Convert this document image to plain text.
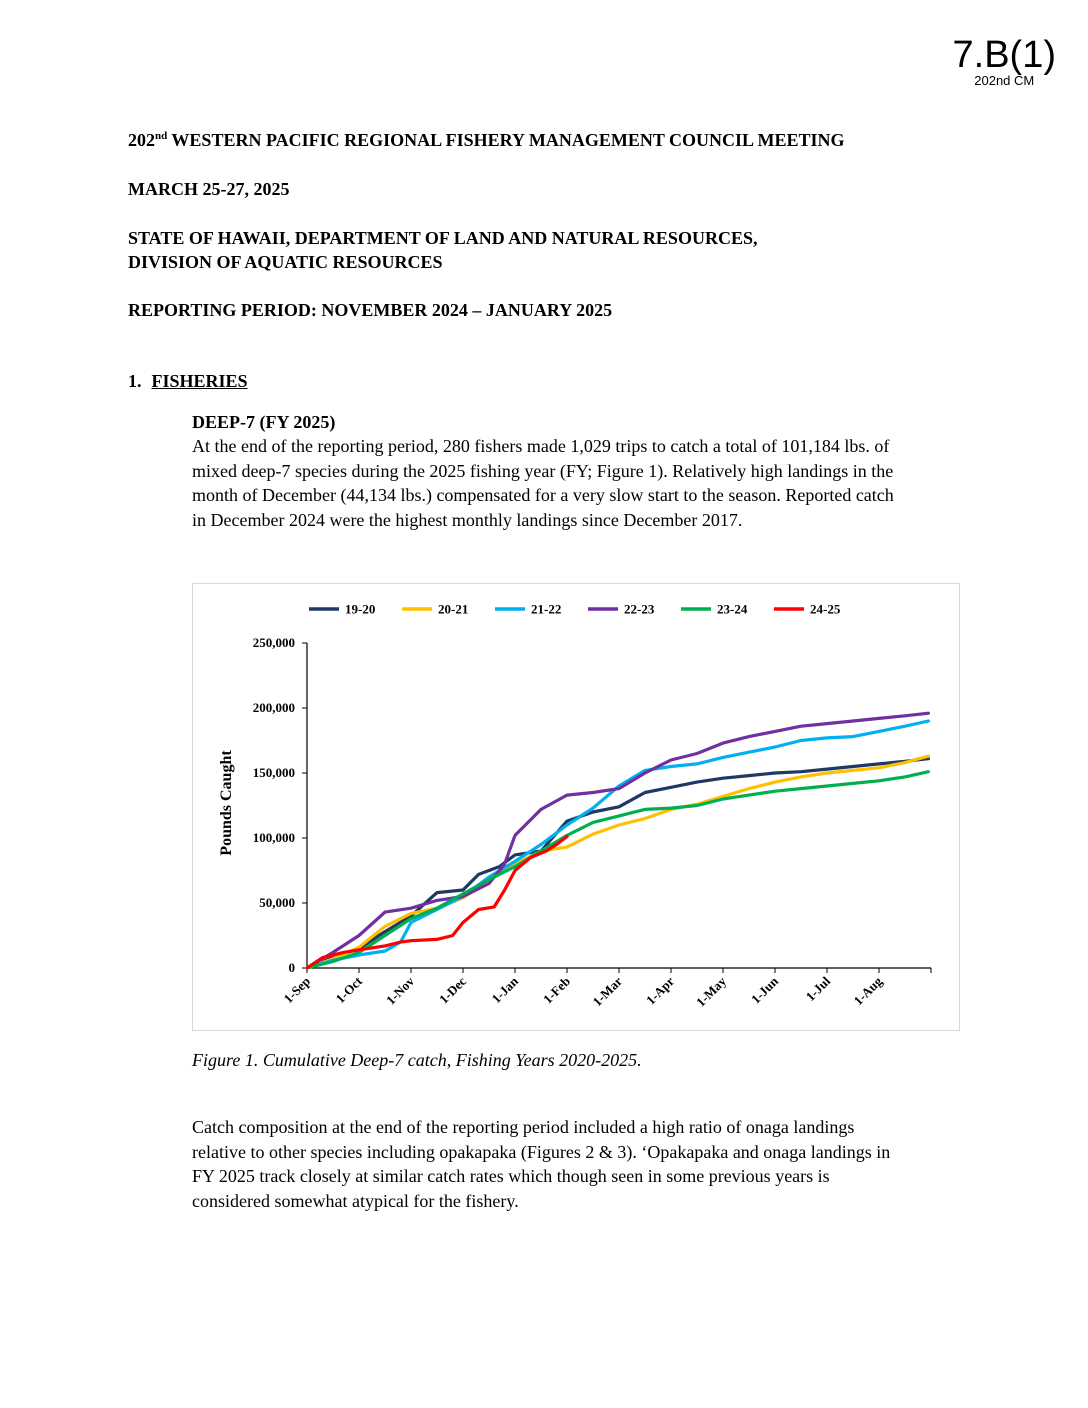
7.B(1)
202nd CM
202nd WESTERN PACIFIC REGIONAL FISHERY MANAGEMENT COUNCIL MEETING
MARCH 25-27, 2025
STATE OF HAWAII, DEPARTMENT OF LAND AND NATURAL RESOURCES,
DIVISION OF AQUATIC RESOURCES
REPORTING PERIOD: NOVEMBER 2024 – JANUARY 2025
1. FISHERIES
DEEP-7 (FY 2025)
At the end of the reporting period, 280 fishers made 1,029 trips to catch a total of 101,184 lbs. of
mixed deep-7 species during the 2025 fishing year (FY; Figure 1). Relatively high landings in the
month of December (44,134 lbs.) compensated for a very slow start to the season. Reported catch
in December 2024 were the highest monthly landings since December 2017.
19-20	20-21	21-22	22-23	23-24	24-25
0
50,000
100,000
150,000
200,000
250,000
1-Sep 1-Oct 1-Nov 1-Dec 1-Jan 1-Feb 1-Mar 1-Apr 1-May 1-Jun 1-Jul 1-Aug
Pounds Caught
Figure 1. Cumulative Deep-7 catch, Fishing Years 2020-2025.
Catch composition at the end of the reporting period included a high ratio of onaga landings
relative to other species including opakapaka (Figures 2 & 3). ‘Opakapaka and onaga landings in
FY 2025 track closely at similar catch rates which though seen in some previous years is
considered somewhat atypical for the fishery.
